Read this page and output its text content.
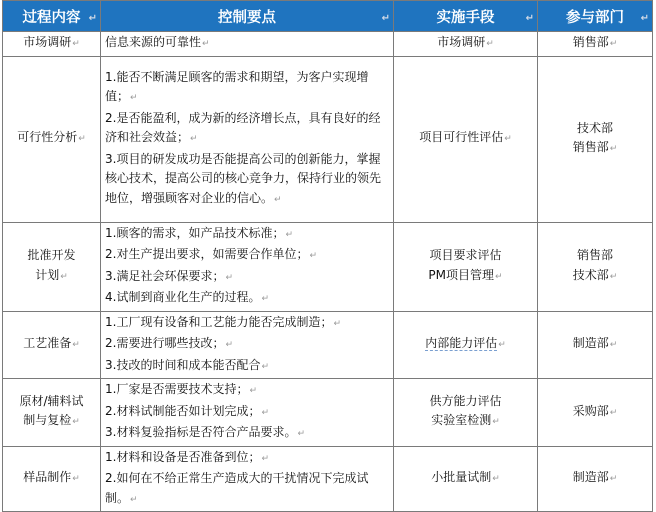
过程内容 ↵	控制要点 ↵	实施手段 ↵	参与部门 ↵

市场调研↵	信息来源的可靠性↵	市场调研↵	销售部↵
可行性分析↵	1.能否不断满足顾客的需求和期望，为客户实现增值；↵
2.是否能盈利，成为新的经济增长点，具有良好的经济和社会效益；↵
3.项目的研发成功是否能提高公司的创新能力，掌握核心技术，提高公司的核心竞争力，保持行业的领先地位，增强顾客对企业的信心。↵	项目可行性评估↵	技术部
销售部↵

批准开发
计划↵	1.顾客的需求，如产品技术标准；↵
2.对生产提出要求，如需要合作单位；↵
3.满足社会环保要求；↵
4.试制到商业化生产的过程。↵	项目要求评估
PM项目管理↵	销售部
技术部↵

工艺准备↵	1.工厂现有设备和工艺能力能否完成制造；↵
2.需要进行哪些技改；↵
3.技改的时间和成本能否配合↵	内部能力评估↵	制造部↵

原材/辅料试
制与复检↵	1.厂家是否需要技术支持；↵
2.材料试制能否如计划完成；↵
3.材料复验指标是否符合产品要求。↵	供方能力评估
实验室检测↵	采购部↵
样品制作↵	1.材料和设备是否准备到位；↵
2.如何在不给正常生产造成大的干扰情况下完成试制。↵	小批量试制↵	制造部↵
